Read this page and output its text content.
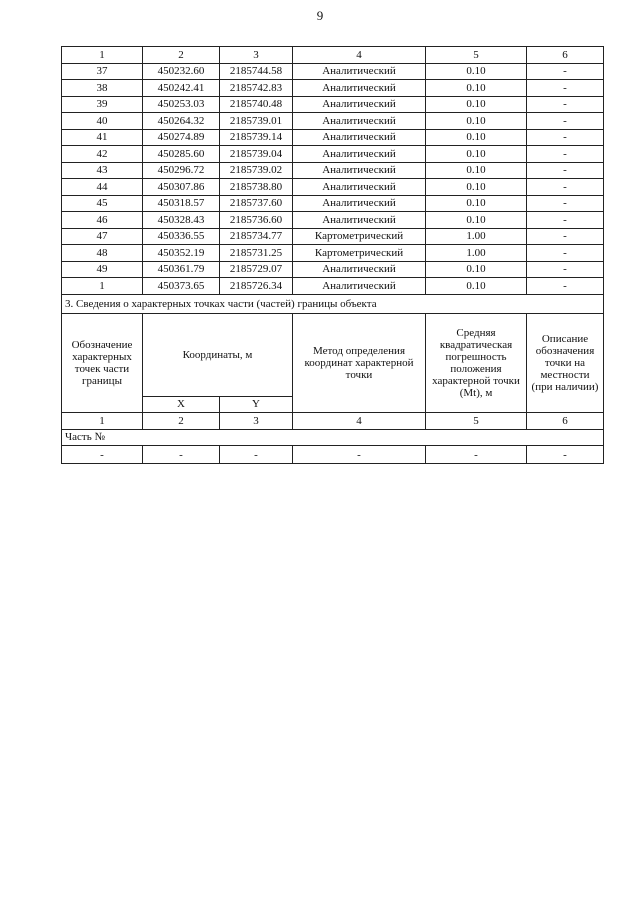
9
1	2	3	4	5	6
37	450232.60	2185744.58	Аналитический	0.10	-
38	450242.41	2185742.83	Аналитический	0.10	-
39	450253.03	2185740.48	Аналитический	0.10	-
40	450264.32	2185739.01	Аналитический	0.10	-
41	450274.89	2185739.14	Аналитический	0.10	-
42	450285.60	2185739.04	Аналитический	0.10	-
43	450296.72	2185739.02	Аналитический	0.10	-
44	450307.86	2185738.80	Аналитический	0.10	-
45	450318.57	2185737.60	Аналитический	0.10	-
46	450328.43	2185736.60	Аналитический	0.10	-
47	450336.55	2185734.77	Картометрический	1.00	-
48	450352.19	2185731.25	Картометрический	1.00	-
49	450361.79	2185729.07	Аналитический	0.10	-
1	450373.65	2185726.34	Аналитический	0.10	-
3. Сведения о характерных точках части (частей) границы объекта					
Обозначение характерных точек части границы	Координаты, м		Метод определения координат характерной точки	Средняя квадратическая погрешность положения характерной точки (Mt), м	Описание обозначения точки на местности (при наличии)
	X	Y			
1	2	3	4	5	6
Часть №					
-	-	-	-	-	-
